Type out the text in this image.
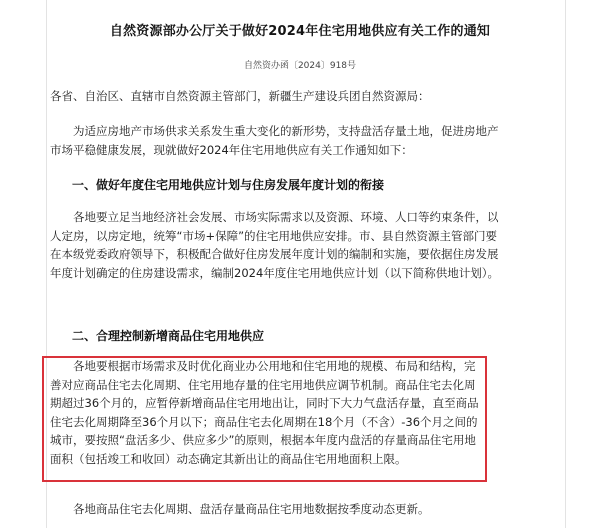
自然资源部办公厅关于做好2024年住宅用地供应有关工作的通知
自然资办函〔2024〕918号

各省、自治区、直辖市自然资源主管部门，新疆生产建设兵团自然资源局：

为适应房地产市场供求关系发生重大变化的新形势，支持盘活存量土地，促进房地产市场平稳健康发展，现就做好2024年住宅用地供应有关工作通知如下：

一、做好年度住宅用地供应计划与住房发展年度计划的衔接

各地要立足当地经济社会发展、市场实际需求以及资源、环境、人口等约束条件，以人定房，以房定地，统筹“市场+保障”的住宅用地供应安排。市、县自然资源主管部门要在本级党委政府领导下，积极配合做好住房发展年度计划的编制和实施，要依据住房发展年度计划确定的住房建设需求，编制2024年度住宅用地供应计划（以下简称供地计划）。

二、合理控制新增商品住宅用地供应

各地要根据市场需求及时优化商业办公用地和住宅用地的规模、布局和结构，完善对应商品住宅去化周期、住宅用地存量的住宅用地供应调节机制。商品住宅去化周期超过36个月的，应暂停新增商品住宅用地出让，同时下大力气盘活存量，直至商品住宅去化周期降至36个月以下；商品住宅去化周期在18个月（不含）-36个月之间的城市，要按照“盘活多少、供应多少”的原则，根据本年度内盘活的存量商品住宅用地面积（包括竣工和收回）动态确定其新出让的商品住宅用地面积上限。

各地商品住宅去化周期、盘活存量商品住宅用地数据按季度动态更新。
